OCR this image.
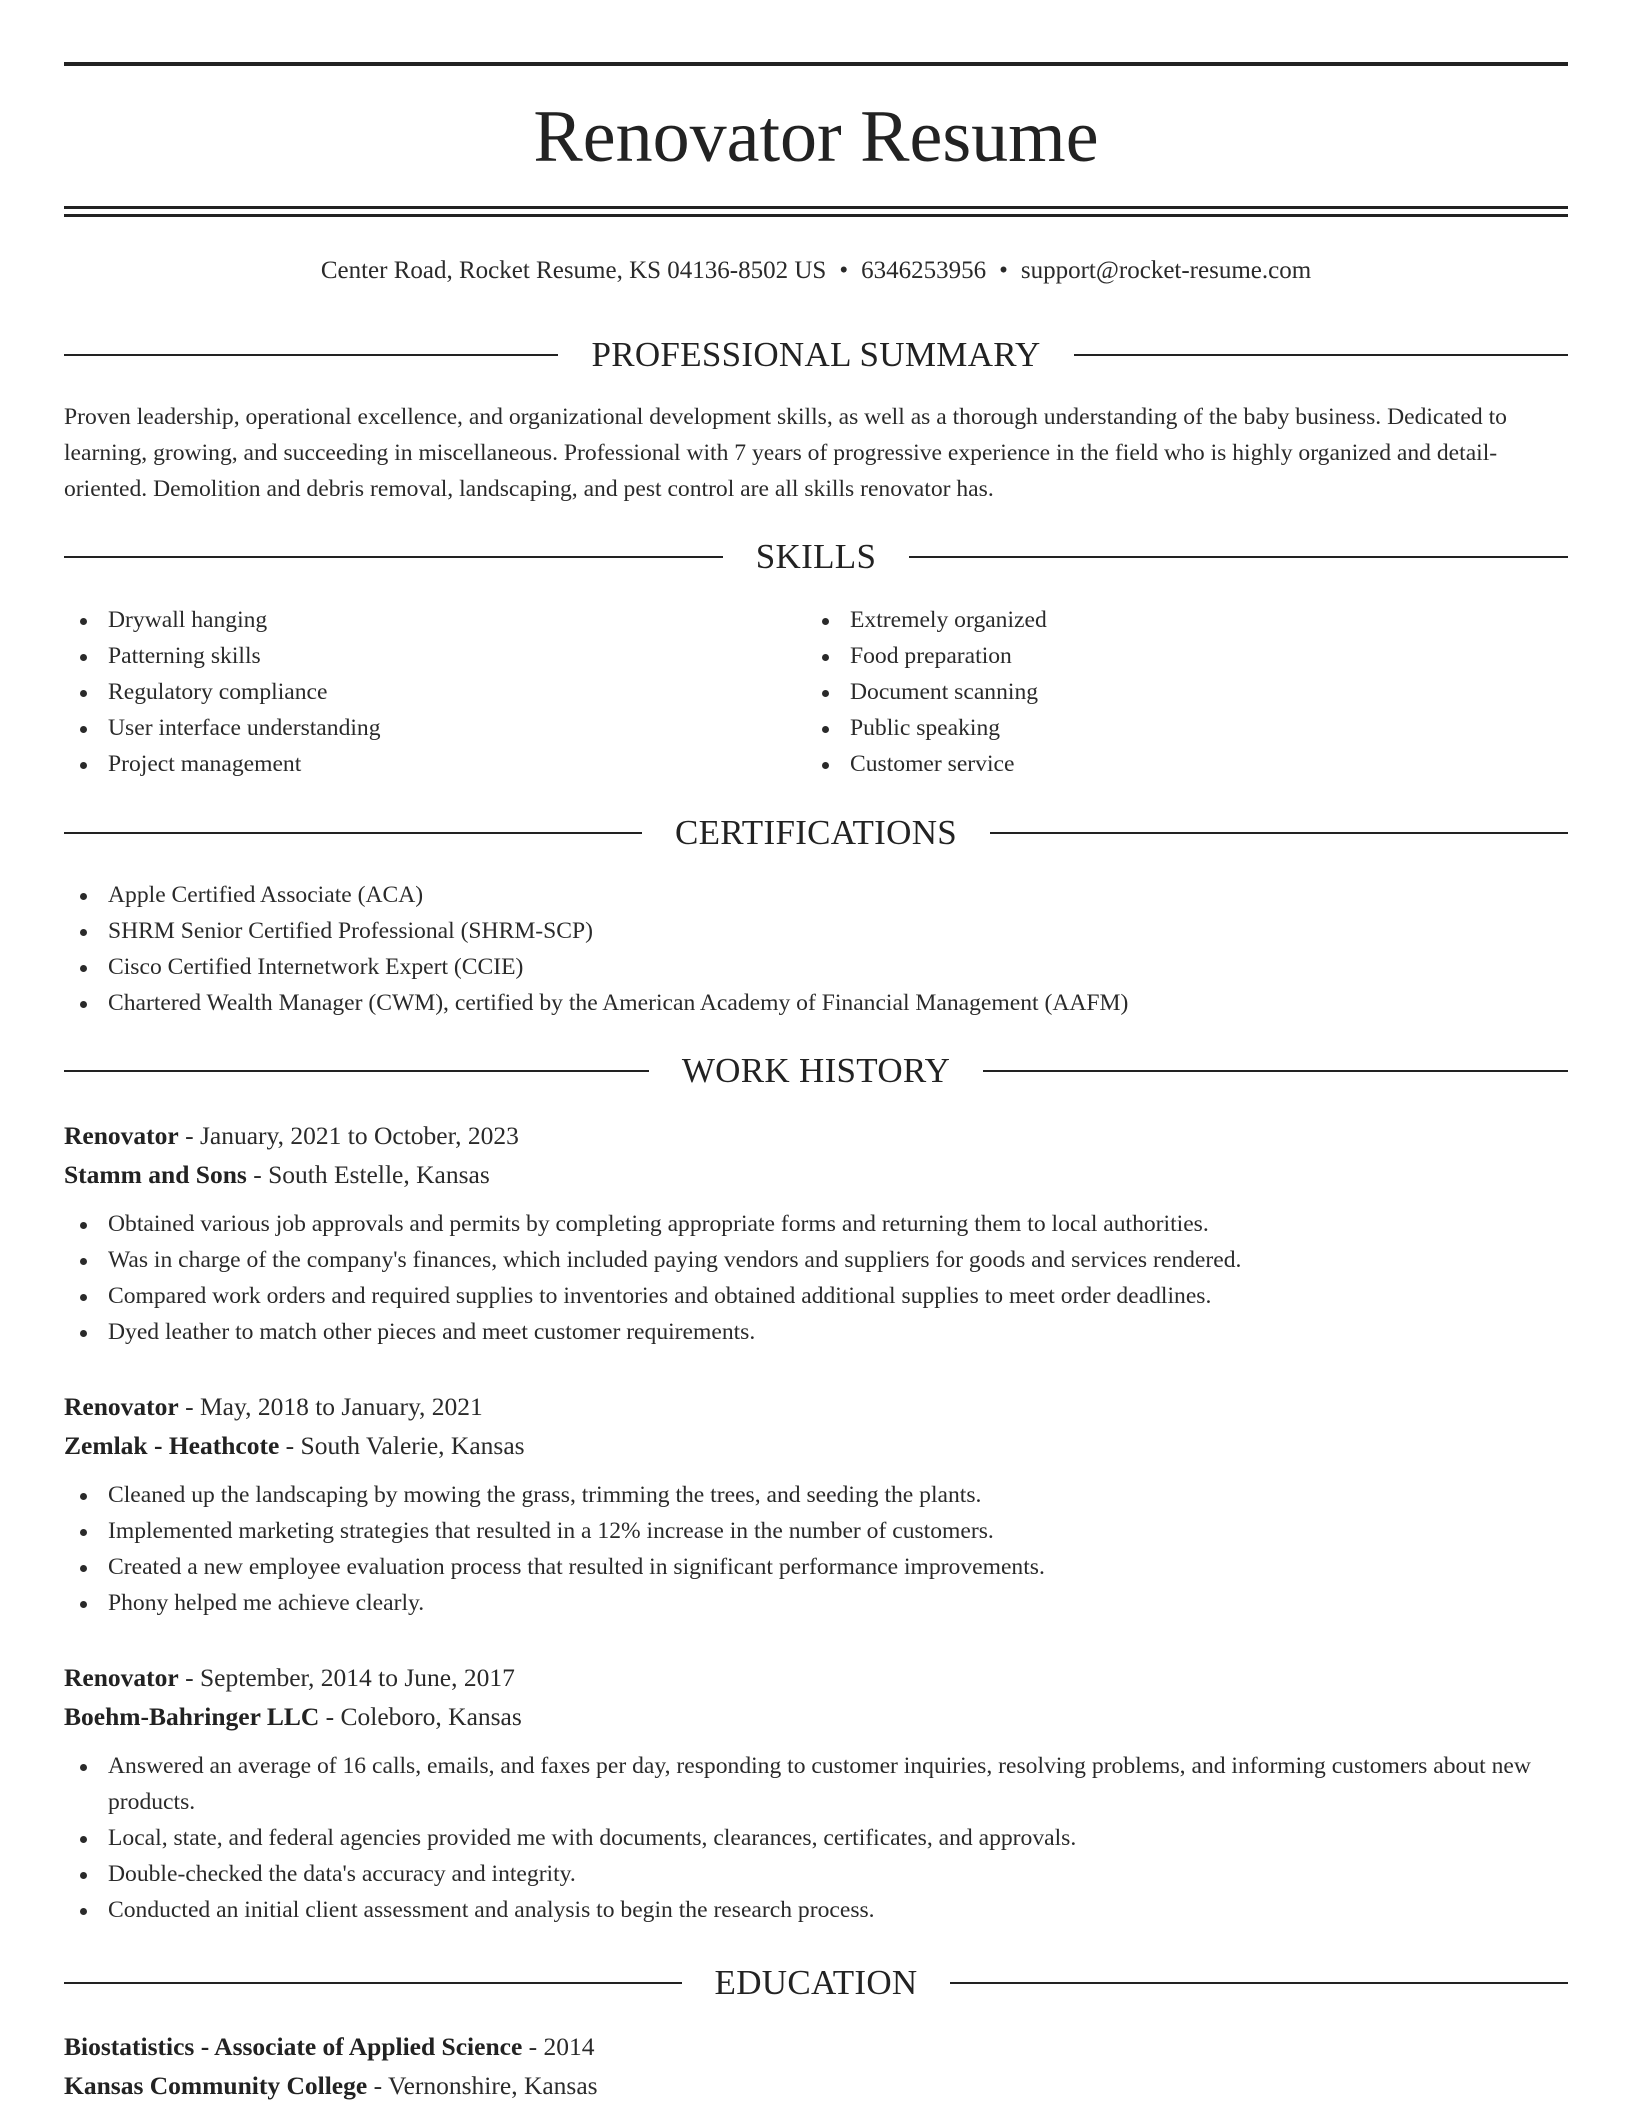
Renovator Resume
Center Road, Rocket Resume, KS 04136-8502 US • 6346253956 • support@rocket-resume.com
PROFESSIONAL SUMMARY
Proven leadership, operational excellence, and organizational development skills, as well as a thorough understanding of the baby business. Dedicated to learning, growing, and succeeding in miscellaneous. Professional with 7 years of progressive experience in the field who is highly organized and detail-oriented. Demolition and debris removal, landscaping, and pest control are all skills renovator has.
SKILLS
Drywall hanging
Patterning skills
Regulatory compliance
User interface understanding
Project management
Extremely organized
Food preparation
Document scanning
Public speaking
Customer service
CERTIFICATIONS
Apple Certified Associate (ACA)
SHRM Senior Certified Professional (SHRM-SCP)
Cisco Certified Internetwork Expert (CCIE)
Chartered Wealth Manager (CWM), certified by the American Academy of Financial Management (AAFM)
WORK HISTORY
Renovator - January, 2021 to October, 2023
Stamm and Sons - South Estelle, Kansas
Obtained various job approvals and permits by completing appropriate forms and returning them to local authorities.
Was in charge of the company's finances, which included paying vendors and suppliers for goods and services rendered.
Compared work orders and required supplies to inventories and obtained additional supplies to meet order deadlines.
Dyed leather to match other pieces and meet customer requirements.
Renovator - May, 2018 to January, 2021
Zemlak - Heathcote - South Valerie, Kansas
Cleaned up the landscaping by mowing the grass, trimming the trees, and seeding the plants.
Implemented marketing strategies that resulted in a 12% increase in the number of customers.
Created a new employee evaluation process that resulted in significant performance improvements.
Phony helped me achieve clearly.
Renovator - September, 2014 to June, 2017
Boehm-Bahringer LLC - Coleboro, Kansas
Answered an average of 16 calls, emails, and faxes per day, responding to customer inquiries, resolving problems, and informing customers about new products.
Local, state, and federal agencies provided me with documents, clearances, certificates, and approvals.
Double-checked the data's accuracy and integrity.
Conducted an initial client assessment and analysis to begin the research process.
EDUCATION
Biostatistics - Associate of Applied Science - 2014
Kansas Community College - Vernonshire, Kansas
